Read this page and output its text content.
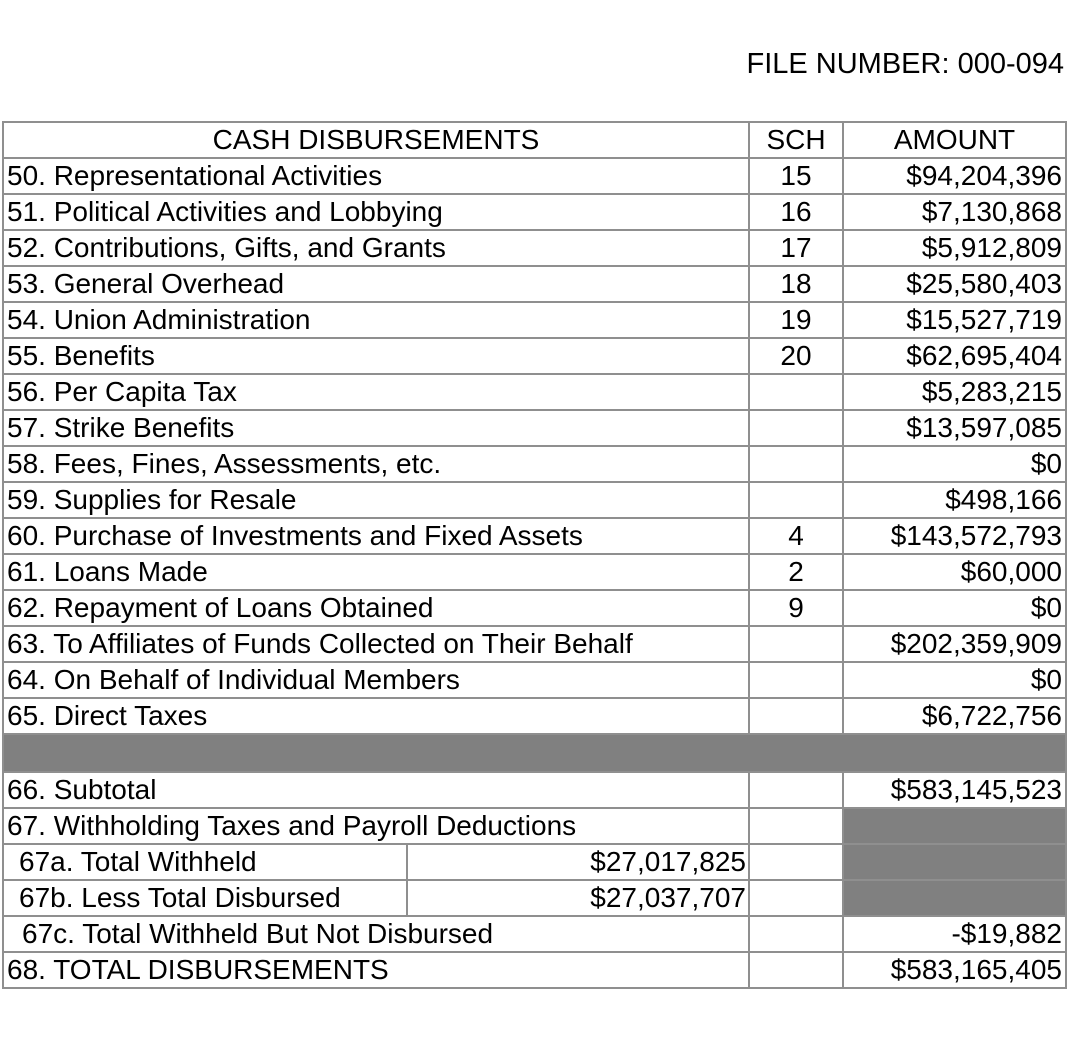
FILE NUMBER: 000-094
CASH DISBURSEMENTS	SCH	AMOUNT
50. Representational Activities	15	$94,204,396
51. Political Activities and Lobbying	16	$7,130,868
52. Contributions, Gifts, and Grants	17	$5,912,809
53. General Overhead	18	$25,580,403
54. Union Administration	19	$15,527,719
55. Benefits	20	$62,695,404
56. Per Capita Tax		$5,283,215
57. Strike Benefits		$13,597,085
58. Fees, Fines, Assessments, etc.		$0
59. Supplies for Resale		$498,166
60. Purchase of Investments and Fixed Assets	4	$143,572,793
61. Loans Made	2	$60,000
62. Repayment of Loans Obtained	9	$0
63. To Affiliates of Funds Collected on Their Behalf		$202,359,909
64. On Behalf of Individual Members		$0
65. Direct Taxes		$6,722,756

66. Subtotal		$583,145,523
67. Withholding Taxes and Payroll Deductions		

67a. Total Withheld $27,017,825		

67b. Less Total Disbursed $27,037,707		

67c. Total Withheld But Not Disbursed		-$19,882
68. TOTAL DISBURSEMENTS		$583,165,405
